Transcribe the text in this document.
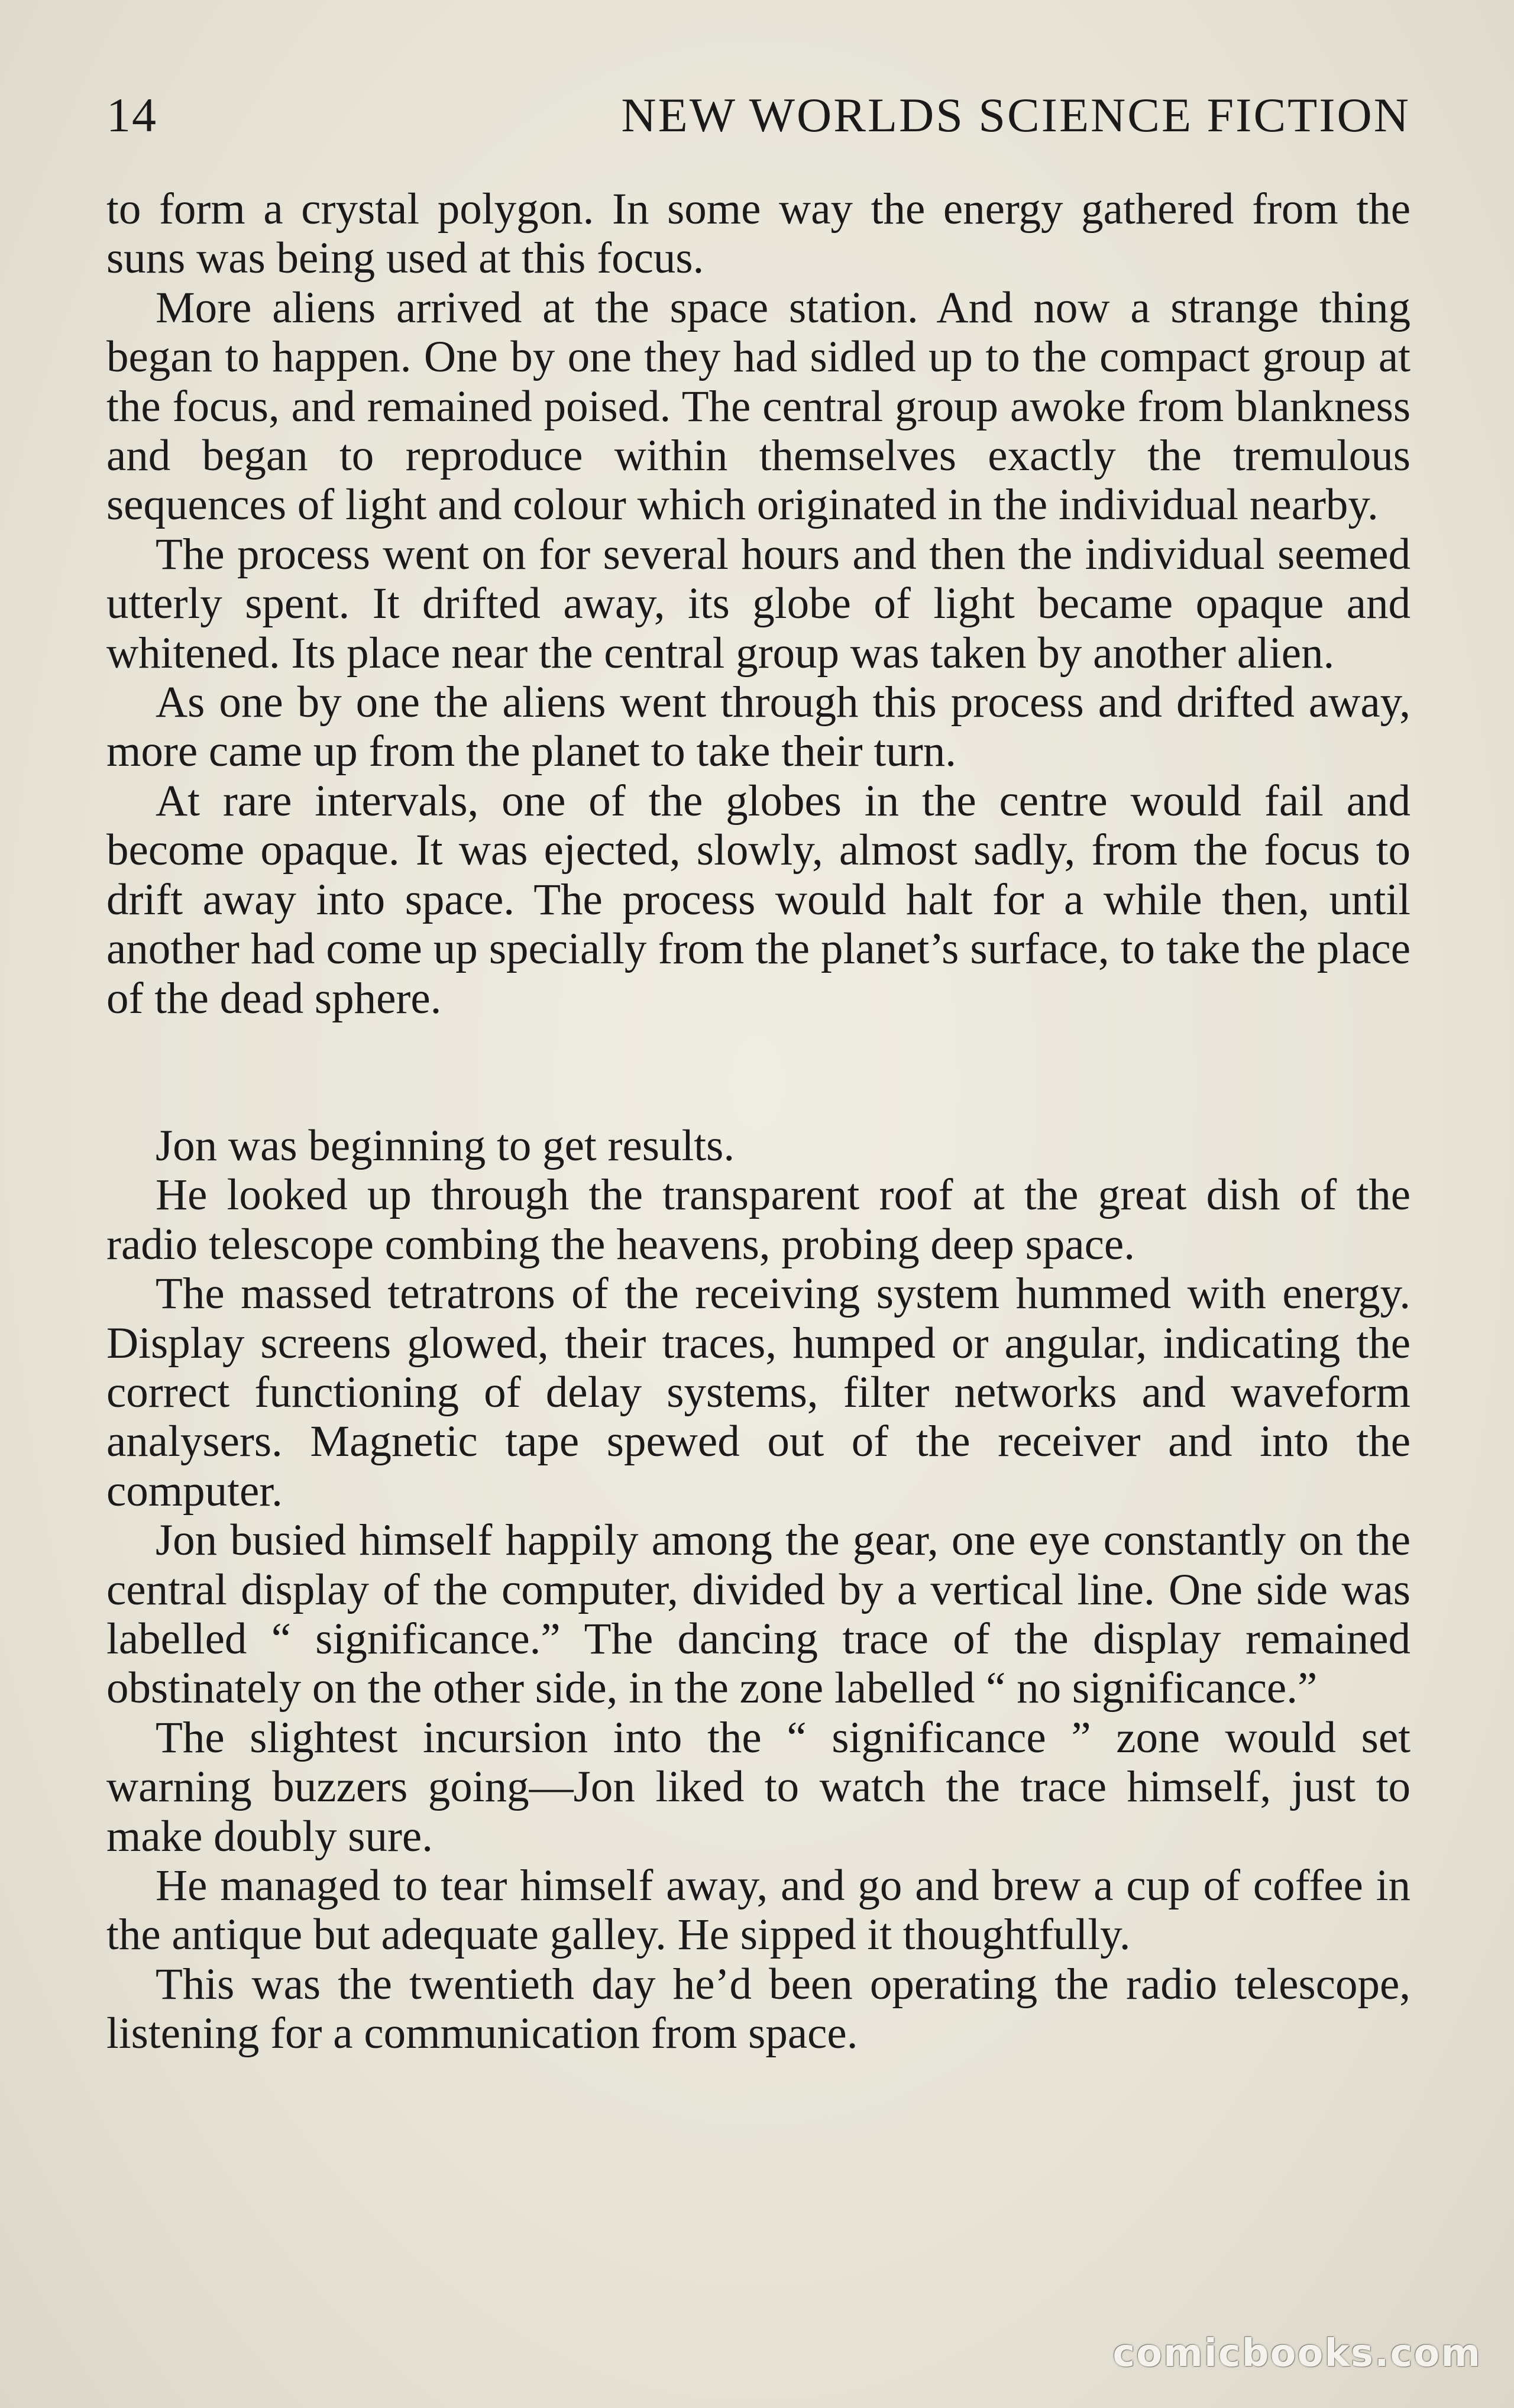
14	NEW WORLDS SCIENCE FICTION

to form a crystal polygon. In some way the energy gathered from the suns was being used at this focus.

More aliens arrived at the space station. And now a strange thing began to happen. One by one they had sidled up to the compact group at the focus, and remained poised. The central group awoke from blankness and began to reproduce within themselves exactly the tremulous sequences of light and colour which originated in the individual nearby.

The process went on for several hours and then the individual seemed utterly spent. It drifted away, its globe of light became opaque and whitened. Its place near the central group was taken by another alien.

As one by one the aliens went through this process and drifted away, more came up from the planet to take their turn.

At rare intervals, one of the globes in the centre would fail and become opaque. It was ejected, slowly, almost sadly, from the focus to drift away into space. The process would halt for a while then, until another had come up specially from the planet’s surface, to take the place of the dead sphere.

Jon was beginning to get results.

He looked up through the transparent roof at the great dish of the radio telescope combing the heavens, probing deep space.

The massed tetratrons of the receiving system hummed with energy. Display screens glowed, their traces, humped or angular, indicating the correct functioning of delay systems, filter networks and waveform analysers. Magnetic tape spewed out of the receiver and into the computer.

Jon busied himself happily among the gear, one eye constantly on the central display of the computer, divided by a vertical line. One side was labelled “ significance.” The dancing trace of the display remained obstinately on the other side, in the zone labelled “ no significance.”

The slightest incursion into the “ significance ” zone would set warning buzzers going—Jon liked to watch the trace himself, just to make doubly sure.

He managed to tear himself away, and go and brew a cup of coffee in the antique but adequate galley. He sipped it thoughtfully.

This was the twentieth day he’d been operating the radio telescope, listening for a communication from space.

comicbooks.com
